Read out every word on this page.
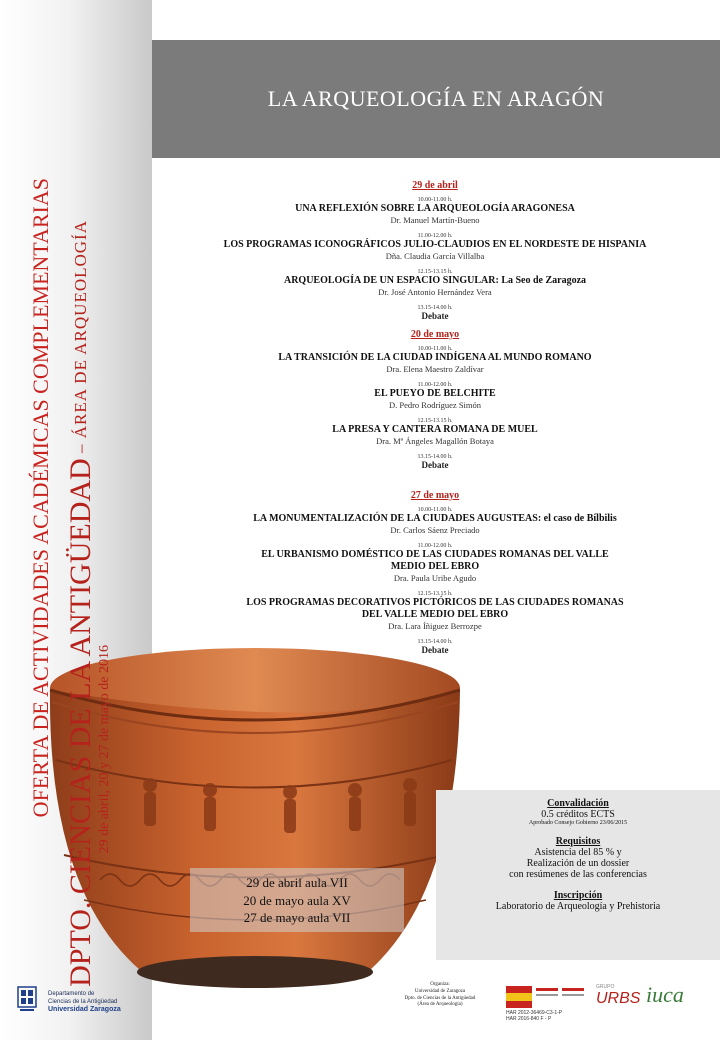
OFERTA DE ACTIVIDADES ACADÉMICAS COMPLEMENTARIAS DPTO. CIENCIAS DE LA ANTIGÜEDAD – ÁREA DE ARQUEOLOGÍA
29 de abril, 20 y 27 de mayo de 2016
LA ARQUEOLOGÍA EN ARAGÓN
29 de abril
10.00-11.00 h.
UNA REFLEXIÓN SOBRE LA ARQUEOLOGÍA ARAGONESA
Dr. Manuel Martín-Bueno
11.00-12.00 h.
LOS PROGRAMAS ICONOGRÁFICOS JULIO-CLAUDIOS EN EL NORDESTE DE HISPANIA
Dña. Claudia García Villalba
12.15-13.15 h.
ARQUEOLOGÍA DE UN ESPACIO SINGULAR: La Seo de Zaragoza
Dr. José Antonio Hernández Vera
13.15-14.00 h.
Debate
20 de mayo
10.00-11.00 h.
LA TRANSICIÓN DE LA CIUDAD INDÍGENA AL MUNDO ROMANO
Dra. Elena Maestro Zaldívar
11.00-12.00 h.
EL PUEYO DE BELCHITE
D. Pedro Rodríguez Simón
12.15-13.15 h.
LA PRESA Y CANTERA ROMANA DE MUEL
Dra. Mª Ángeles Magallón Botaya
13.15-14.00 h.
Debate
27 de mayo
10.00-11.00 h.
LA MONUMENTALIZACIÓN DE LA CIUDADES AUGUSTEAS: el caso de Bílbilis
Dr. Carlos Sáenz Preciado
11.00-12.00 h.
EL URBANISMO DOMÉSTICO DE LAS CIUDADES ROMANAS DEL VALLE MEDIO DEL EBRO
Dra. Paula Uribe Agudo
12.15-13.15 h.
LOS PROGRAMAS DECORATIVOS PICTÓRICOS DE LAS CIUDADES ROMANAS DEL VALLE MEDIO DEL EBRO
Dra. Lara Íñiguez Berrozpe
13.15-14.00 h.
Debate
29 de abril aula VII
20 de mayo aula XV
27 de mayo aula VII
Convalidación
0.5 créditos ECTS
Aprobado Consejo Gobierno 23/06/2015
Requisitos
Asistencia del 85 % y
Realización de un dossier
con resúmenes de las conferencias
Inscripción
Laboratorio de Arqueología y Prehistoria
Departamento de
Ciencias de la Antigüedad
Universidad Zaragoza
Organiza:
Universidad de Zaragoza
Dpto. de Ciencias de la Antigüedad
(Área de Arqueología)
HAR 2012-36469-C3-1-P
HAR 2016-840 F - P
GRUPO
URBS iuca
